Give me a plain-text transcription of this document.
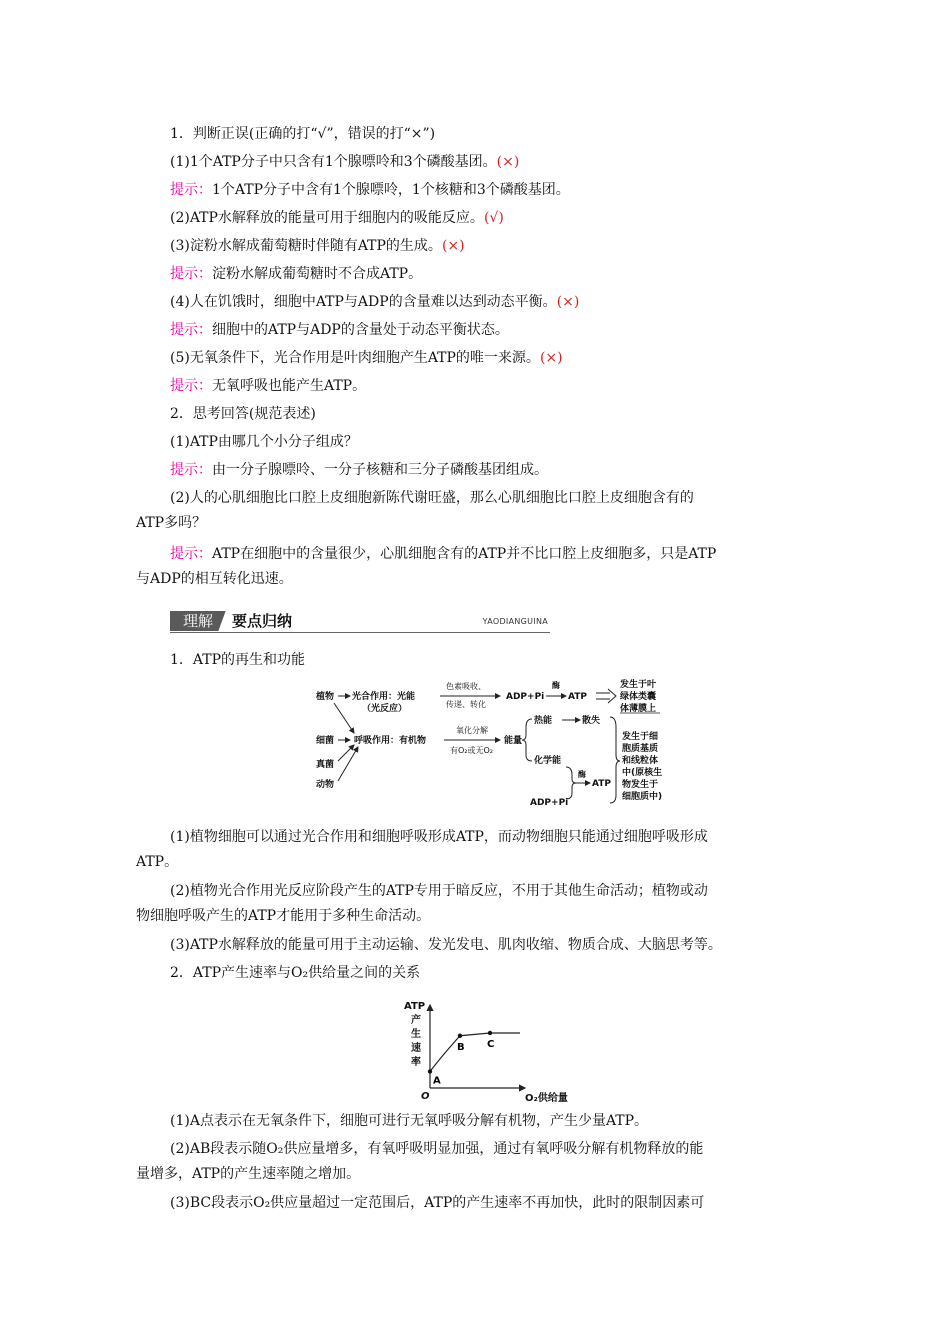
1．判断正误(正确的打“√”，错误的打“×”)
(1)1个ATP分子中只含有1个腺嘌呤和3个磷酸基团。(×)
提示：1个ATP分子中含有1个腺嘌呤，1个核糖和3个磷酸基团。
(2)ATP水解释放的能量可用于细胞内的吸能反应。(√)
(3)淀粉水解成葡萄糖时伴随有ATP的生成。(×)
提示：淀粉水解成葡萄糖时不合成ATP。
(4)人在饥饿时，细胞中ATP与ADP的含量难以达到动态平衡。(×)
提示：细胞中的ATP与ADP的含量处于动态平衡状态。
(5)无氧条件下，光合作用是叶肉细胞产生ATP的唯一来源。(×)
提示：无氧呼吸也能产生ATP。
2．思考回答(规范表述)
(1)ATP由哪几个小分子组成？
提示：由一分子腺嘌呤、一分子核糖和三分子磷酸基团组成。
(2)人的心肌细胞比口腔上皮细胞新陈代谢旺盛，那么心肌细胞比口腔上皮细胞含有的
ATP多吗？
提示：ATP在细胞中的含量很少，心肌细胞含有的ATP并不比口腔上皮细胞多，只是ATP
与ADP的相互转化迅速。
理解	要点归纳	YAODIANGUINA
1．ATP的再生和功能
植物 光合作用：光能
（光反应）
色素吸收、
传递、转化
ADP+Pi
酶
ATP
发生于叶
绿体类囊
体薄膜上
细菌
真菌
动物
呼吸作用：有机物
氧化分解
有O₂或无O₂
能量
热能	散失
化学能
酶
ATP
ADP+Pi
发生于细
胞质基质
和线粒体
中(原核生
物发生于
细胞质中)
(1)植物细胞可以通过光合作用和细胞呼吸形成ATP，而动物细胞只能通过细胞呼吸形成
ATP。
(2)植物光合作用光反应阶段产生的ATP专用于暗反应，不用于其他生命活动；植物或动
物细胞呼吸产生的ATP才能用于多种生命活动。
(3)ATP水解释放的能量可用于主动运输、发光发电、肌肉收缩、物质合成、大脑思考等。
2．ATP产生速率与O₂供给量之间的关系
ATP
产
生
速
率
O	O₂供给量
A
B C
(1)A点表示在无氧条件下，细胞可进行无氧呼吸分解有机物，产生少量ATP。
(2)AB段表示随O₂供应量增多，有氧呼吸明显加强，通过有氧呼吸分解有机物释放的能
量增多，ATP的产生速率随之增加。
(3)BC段表示O₂供应量超过一定范围后，ATP的产生速率不再加快，此时的限制因素可
